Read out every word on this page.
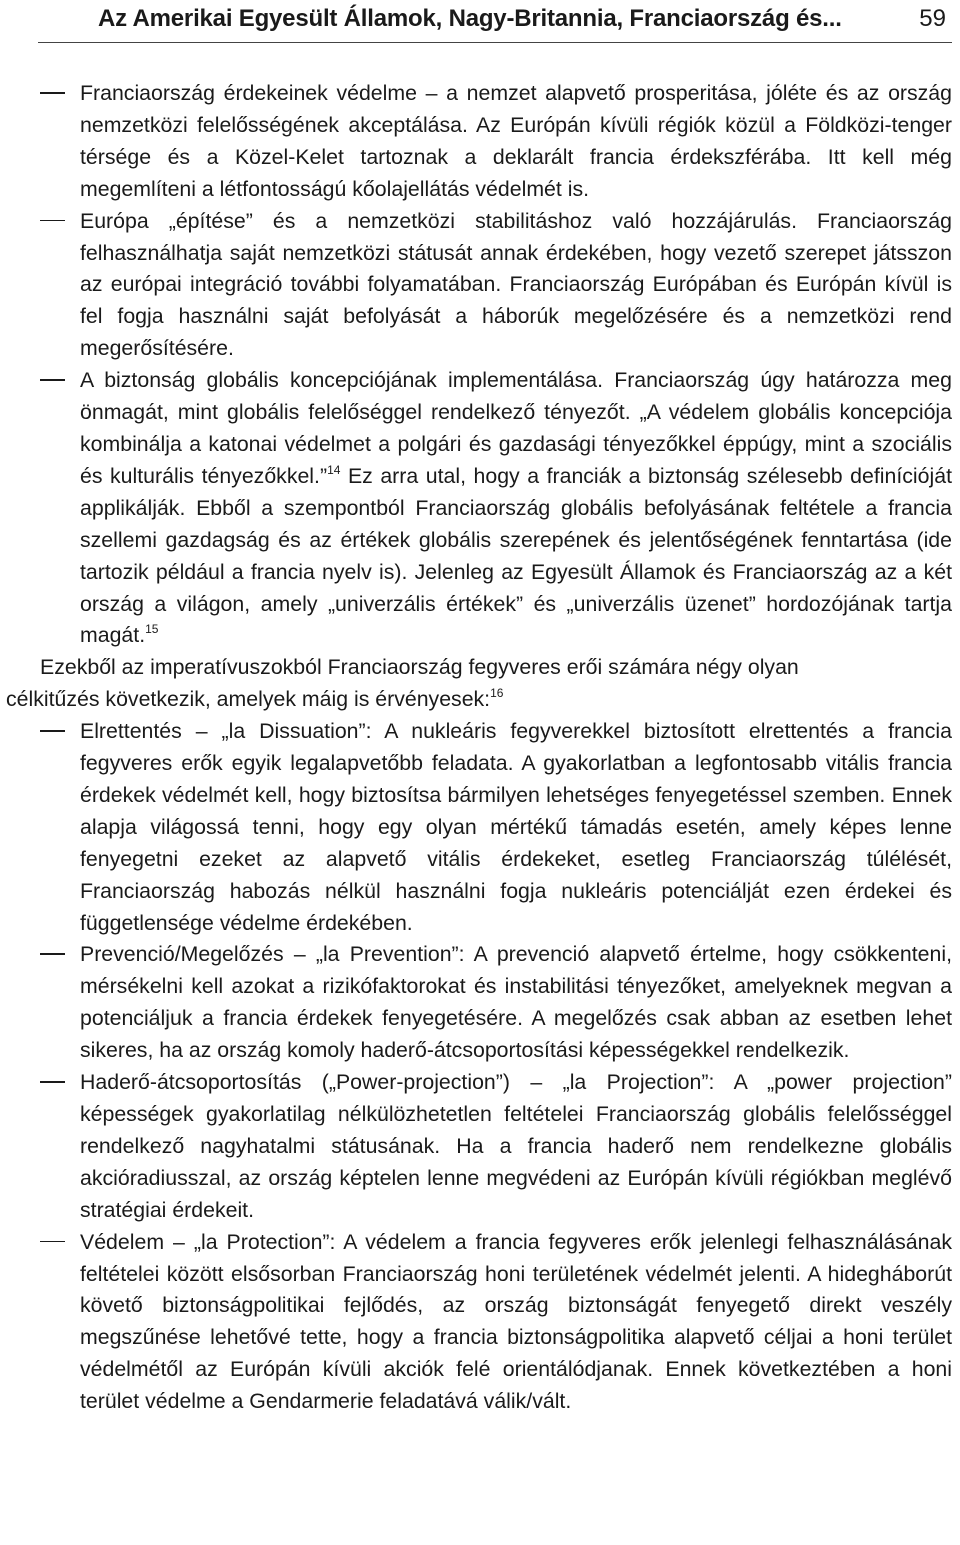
Az Amerikai Egyesült Államok, Nagy-Britannia, Franciaország és...	59
Franciaország érdekeinek védelme – a nemzet alapvető prosperitása, jóléte és az ország nemzetközi felelősségének akceptálása. Az Európán kívüli régiók közül a Földközi-tenger térsége és a Közel-Kelet tartoznak a deklarált francia érdekszférába. Itt kell még megemlíteni a létfontosságú kőolajellátás védelmét is.
Európa „építése” és a nemzetközi stabilitáshoz való hozzájárulás. Franciaország felhasználhatja saját nemzetközi státusát annak érdekében, hogy vezető szerepet játsszon az európai integráció további folyamatában. Franciaország Európában és Európán kívül is fel fogja használni saját befolyását a háborúk megelőzésére és a nemzetközi rend megerősítésére.
A biztonság globális koncepciójának implementálása. Franciaország úgy határozza meg önmagát, mint globális felelőséggel rendelkező tényezőt. „A védelem globális koncepciója kombinálja a katonai védelmet a polgári és gazdasági tényezőkkel éppúgy, mint a szociális és kulturális tényezőkkel.”$^{14}$ Ez arra utal, hogy a franciák a biztonság szélesebb definícióját applikálják. Ebből a szempontból Franciaország globális befolyásának feltétele a francia szellemi gazdagság és az értékek globális szerepének és jelentőségének fenntartása (ide tartozik például a francia nyelv is). Jelenleg az Egyesült Államok és Franciaország az a két ország a világon, amely „univerzális értékek” és „univerzális üzenet” hordozójának tartja magát.$^{15}$
Ezekből az imperatívuszokból Franciaország fegyveres erői számára négy olyan
célkitűzés következik, amelyek máig is érvényesek:$^{16}$
Elrettentés – „la Dissuation”: A nukleáris fegyverekkel biztosított elrettentés a francia fegyveres erők egyik legalapvetőbb feladata. A gyakorlatban a legfontosabb vitális francia érdekek védelmét kell, hogy biztosítsa bármilyen lehetséges fenyegetéssel szemben. Ennek alapja világossá tenni, hogy egy olyan mértékű támadás esetén, amely képes lenne fenyegetni ezeket az alapvető vitális érdekeket, esetleg Franciaország túlélését, Franciaország habozás nélkül használni fogja nukleáris potenciálját ezen érdekei és függetlensége védelme érdekében.
Prevenció/Megelőzés – „la Prevention”: A prevenció alapvető értelme, hogy csökkenteni, mérsékelni kell azokat a rizikófaktorokat és instabilitási tényezőket, amelyeknek megvan a potenciáljuk a francia érdekek fenyegetésére. A megelőzés csak abban az esetben lehet sikeres, ha az ország komoly haderő-átcsoportosítási képességekkel rendelkezik.
Haderő-átcsoportosítás („Power-projection”) – „la Projection”: A „power projection” képességek gyakorlatilag nélkülözhetetlen feltételei Franciaország globális felelősséggel rendelkező nagyhatalmi státusának. Ha a francia haderő nem rendelkezne globális akcióradiusszal, az ország képtelen lenne megvédeni az Európán kívüli régiókban meglévő stratégiai érdekeit.
Védelem – „la Protection”: A védelem a francia fegyveres erők jelenlegi felhasználásának feltételei között elsősorban Franciaország honi területének védelmét jelenti. A hidegháborút követő biztonságpolitikai fejlődés, az ország biztonságát fenyegető direkt veszély megszűnése lehetővé tette, hogy a francia biztonságpolitika alapvető céljai a honi terület védelmétől az Európán kívüli akciók felé orientálódjanak. Ennek következtében a honi terület védelme a Gendarmerie feladatává válik/vált.
